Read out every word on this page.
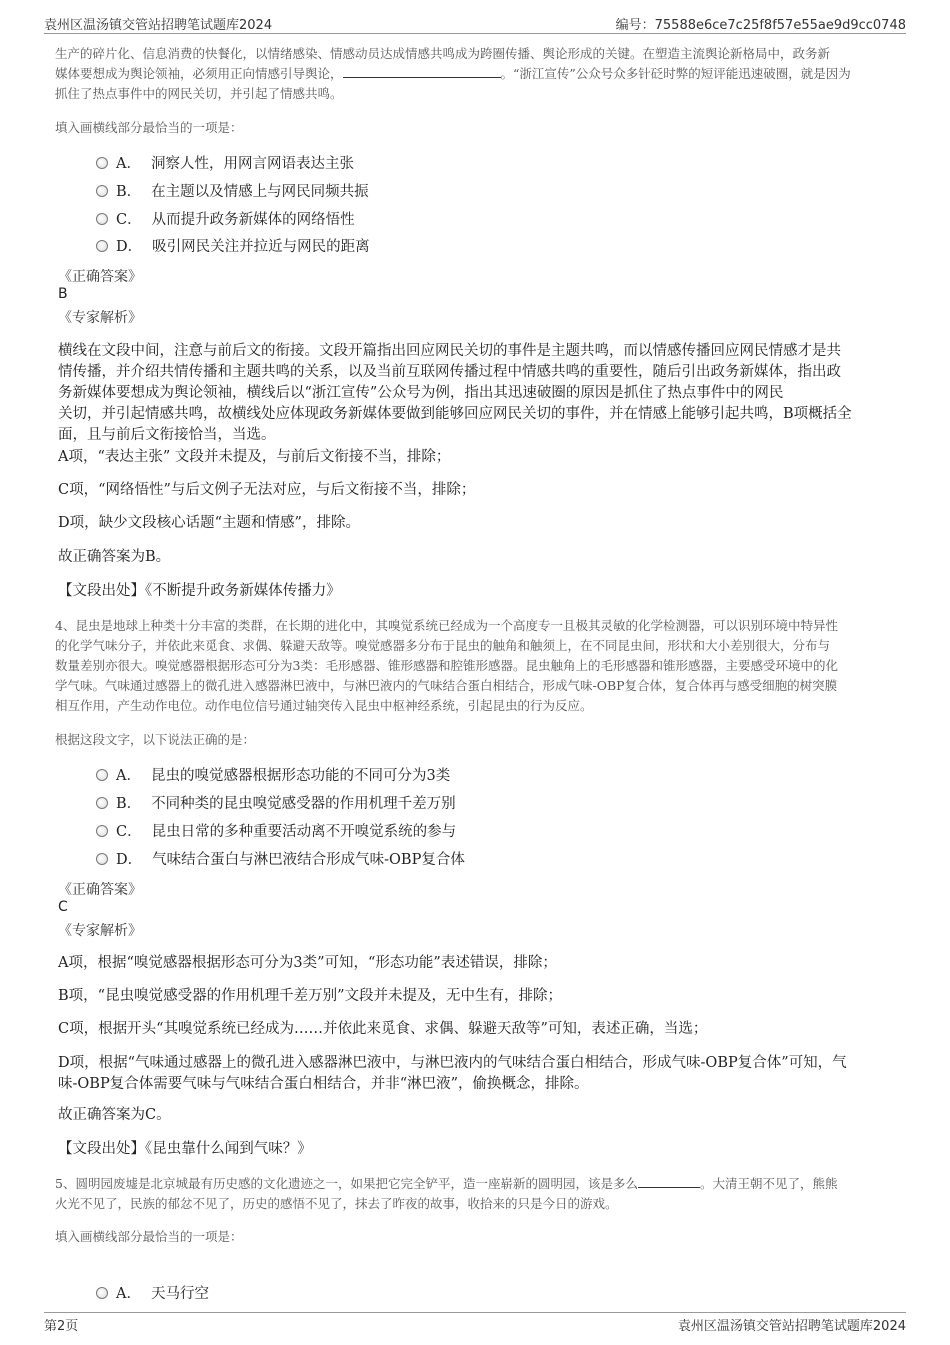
袁州区温汤镇交管站招聘笔试题库2024	编号：75588e6ce7c25f8f57e55ae9d9cc0748
生产的碎片化、信息消费的快餐化，以情绪感染、情感动员达成情感共鸣成为跨圈传播、舆论形成的关键。在塑造主流舆论新格局中，政务新
媒体要想成为舆论领袖，必须用正向情感引导舆论，	。“浙江宣传”公众号众多针砭时弊的短评能迅速破圈，就是因为
抓住了热点事件中的网民关切，并引起了情感共鸣。
填入画横线部分最恰当的一项是：
A． 洞察人性，用网言网语表达主张
B． 在主题以及情感上与网民同频共振
C． 从而提升政务新媒体的网络悟性
D． 吸引网民关注并拉近与网民的距离
《正确答案》
B
《专家解析》
横线在文段中间，注意与前后文的衔接。文段开篇指出回应网民关切的事件是主题共鸣，而以情感传播回应网民情感才是共
情传播，并介绍共情传播和主题共鸣的关系，以及当前互联网传播过程中情感共鸣的重要性，随后引出政务新媒体，指出政
务新媒体要想成为舆论领袖，横线后以“浙江宣传”公众号为例，指出其迅速破圈的原因是抓住了热点事件中的网民
关切，并引起情感共鸣，故横线处应体现政务新媒体要做到能够回应网民关切的事件，并在情感上能够引起共鸣，B项概括全
面，且与前后文衔接恰当，当选。
A项，“表达主张” 文段并未提及，与前后文衔接不当，排除；
C项，“网络悟性”与后文例子无法对应，与后文衔接不当，排除；
D项，缺少文段核心话题“主题和情感”，排除。
故正确答案为B。
【文段出处】《不断提升政务新媒体传播力》
4、昆虫是地球上种类十分丰富的类群，在长期的进化中，其嗅觉系统已经成为一个高度专一且极其灵敏的化学检测器，可以识别环境中特异性
的化学气味分子，并依此来觅食、求偶、躲避天敌等。嗅觉感器多分布于昆虫的触角和触须上，在不同昆虫间，形状和大小差别很大，分布与
数量差别亦很大。嗅觉感器根据形态可分为3类：毛形感器、锥形感器和腔锥形感器。昆虫触角上的毛形感器和锥形感器，主要感受环境中的化
学气味。气味通过感器上的微孔进入感器淋巴液中，与淋巴液内的气味结合蛋白相结合，形成气味-OBP复合体，复合体再与感受细胞的树突膜
相互作用，产生动作电位。动作电位信号通过轴突传入昆虫中枢神经系统，引起昆虫的行为反应。
根据这段文字，以下说法正确的是：
A． 昆虫的嗅觉感器根据形态功能的不同可分为3类
B． 不同种类的昆虫嗅觉感受器的作用机理千差万别
C． 昆虫日常的多种重要活动离不开嗅觉系统的参与
D． 气味结合蛋白与淋巴液结合形成气味-OBP复合体
《正确答案》
C
《专家解析》
A项，根据“嗅觉感器根据形态可分为3类”可知，“形态功能”表述错误，排除；
B项，“昆虫嗅觉感受器的作用机理千差万别”文段并未提及，无中生有，排除；
C项，根据开头“其嗅觉系统已经成为……并依此来觅食、求偶、躲避天敌等”可知，表述正确，当选；
D项，根据“气味通过感器上的微孔进入感器淋巴液中，与淋巴液内的气味结合蛋白相结合，形成气味-OBP复合体”可知，气
味-OBP复合体需要气味与气味结合蛋白相结合，并非“淋巴液”，偷换概念，排除。
故正确答案为C。
【文段出处】《昆虫靠什么闻到气味？》
5、圆明园废墟是北京城最有历史感的文化遗迹之一，如果把它完全铲平，造一座崭新的圆明园，该是多么	。大清王朝不见了，熊熊
火光不见了，民族的郁忿不见了，历史的感悟不见了，抹去了昨夜的故事，收拾来的只是今日的游戏。
填入画横线部分最恰当的一项是：
A． 天马行空
第2页	袁州区温汤镇交管站招聘笔试题库2024
